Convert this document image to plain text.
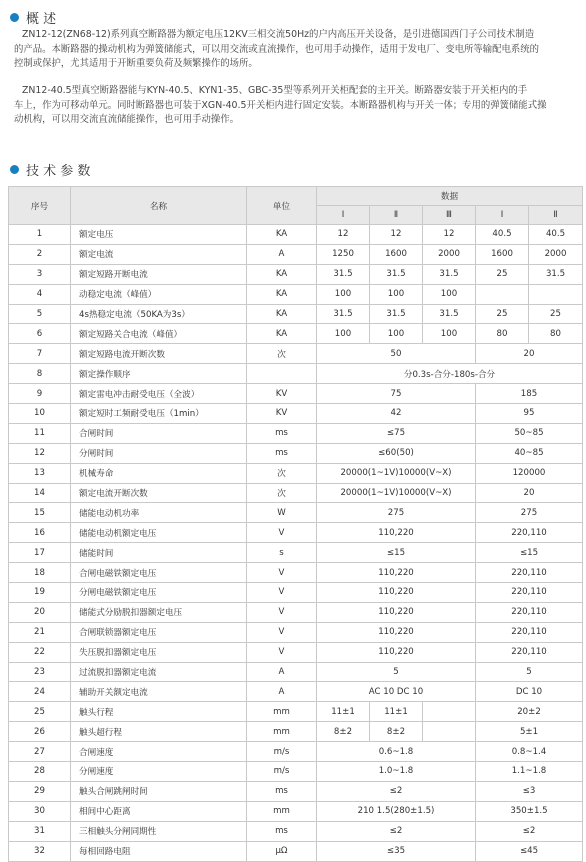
概 述
ZN12-12(ZN68-12)系列真空断路器为额定电压12KV三相交流50Hz的户内高压开关设备，是引进德国西门子公司技术制造
的产品。本断路器的操动机构为弹簧储能式，可以用交流或直流操作，也可用手动操作，适用于发电厂、变电所等输配电系统的
控制或保护，尤其适用于开断重要负荷及频繁操作的场所。
ZN12-40.5型真空断路器能与KYN-40.5、KYN1-35、GBC-35型等系列开关柜配套的主开关。断路器安装于开关柜内的手
车上，作为可移动单元。同时断路器也可装于XGN-40.5开关柜内进行固定安装。本断路器机构与开关一体；专用的弹簧储能式操
动机构，可以用交流直流储能操作，也可用手动操作。
技 术 参 数
序号	名称	单位	数据				
			Ⅰ	Ⅱ	Ⅲ	Ⅰ	Ⅱ
1	额定电压	KA	12	12	12	40.5	40.5
2	额定电流	A	1250	1600	2000	1600	2000
3	额定短路开断电流	KA	31.5	31.5	31.5	25	31.5
4	动稳定电流（峰值）	KA	100	100	100		
5	4s热稳定电流（50KA为3s）	KA	31.5	31.5	31.5	25	25
6	额定短路关合电流（峰值）	KA	100	100	100	80	80
7	额定短路电流开断次数	次	50			20	
8	额定操作顺序		分0.3s-合分-180s-合分				
9	额定雷电冲击耐受电压（全波）	KV	75			185	
10	额定短时工频耐受电压（1min）	KV	42			95	
11	合闸时间	ms	≤75			50~85	
12	分闸时间	ms	≤60(50)			40~85	
13	机械寿命	次	20000(1~1V)10000(V~X)			120000	
14	额定电流开断次数	次	20000(1~1V)10000(V~X)			20	
15	储能电动机功率	W	275			275	
16	储能电动机额定电压	V	110,220			220,110	
17	储能时间	s	≤15			≤15	
18	合闸电磁铁额定电压	V	110,220			220,110	
19	分闸电磁铁额定电压	V	110,220			220,110	
20	储能式分励脱扣器额定电压	V	110,220			220,110	
21	合闸联锁器额定电压	V	110,220			220,110	
22	失压脱扣器额定电压	V	110,220			220,110	
23	过流脱扣器额定电流	A	5			5	
24	辅助开关额定电流	A	AC 10 DC 10			DC 10	
25	触头行程	mm	11±1	11±1		20±2	
26	触头超行程	mm	8±2	8±2		5±1	
27	合闸速度	m/s	0.6~1.8			0.8~1.4	
28	分闸速度	m/s	1.0~1.8			1.1~1.8	
29	触头合闸跳闸时间	ms	≤2			≤3	
30	相间中心距离	mm	210 1.5(280±1.5)			350±1.5	
31	三相触头分闸同期性	ms	≤2			≤2	
32	每相回路电阻	μΩ	≤35			≤45	
